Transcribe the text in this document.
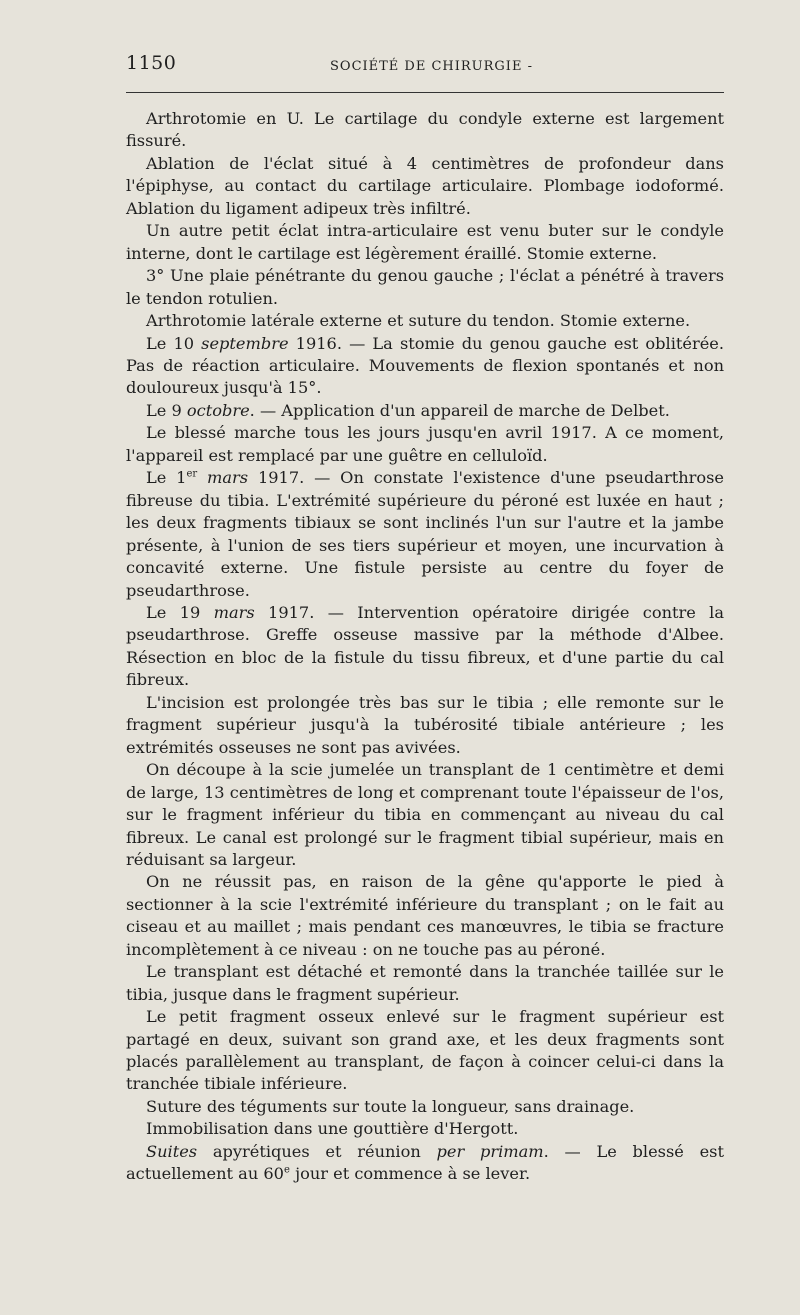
1150	SOCIÉTÉ DE CHIRURGIE -

Arthrotomie en U. Le cartilage du condyle externe est largement fissuré.

Ablation de l'éclat situé à 4 centimètres de profondeur dans l'épiphyse, au contact du cartilage articulaire. Plombage iodoformé. Ablation du ligament adipeux très infiltré.

Un autre petit éclat intra-articulaire est venu buter sur le condyle interne, dont le cartilage est légèrement éraillé. Stomie externe.

3° Une plaie pénétrante du genou gauche ; l'éclat a pénétré à travers le tendon rotulien.

Arthrotomie latérale externe et suture du tendon. Stomie externe.

Le 10 septembre 1916. — La stomie du genou gauche est oblitérée. Pas de réaction articulaire. Mouvements de flexion spontanés et non douloureux jusqu'à 15°.

Le 9 octobre. — Application d'un appareil de marche de Delbet.

Le blessé marche tous les jours jusqu'en avril 1917. A ce moment, l'appareil est remplacé par une guêtre en celluloïd.

Le 1er mars 1917. — On constate l'existence d'une pseudarthrose fibreuse du tibia. L'extrémité supérieure du péroné est luxée en haut ; les deux fragments tibiaux se sont inclinés l'un sur l'autre et la jambe présente, à l'union de ses tiers supérieur et moyen, une incurvation à concavité externe. Une fistule persiste au centre du foyer de pseudarthrose.

Le 19 mars 1917. — Intervention opératoire dirigée contre la pseudarthrose. Greffe osseuse massive par la méthode d'Albee. Résection en bloc de la fistule du tissu fibreux, et d'une partie du cal fibreux.

L'incision est prolongée très bas sur le tibia ; elle remonte sur le fragment supérieur jusqu'à la tubérosité tibiale antérieure ; les extrémités osseuses ne sont pas avivées.

On découpe à la scie jumelée un transplant de 1 centimètre et demi de large, 13 centimètres de long et comprenant toute l'épaisseur de l'os, sur le fragment inférieur du tibia en commençant au niveau du cal fibreux. Le canal est prolongé sur le fragment tibial supérieur, mais en réduisant sa largeur.

On ne réussit pas, en raison de la gêne qu'apporte le pied à sectionner à la scie l'extrémité inférieure du transplant ; on le fait au ciseau et au maillet ; mais pendant ces manœuvres, le tibia se fracture incomplètement à ce niveau : on ne touche pas au péroné.

Le transplant est détaché et remonté dans la tranchée taillée sur le tibia, jusque dans le fragment supérieur.

Le petit fragment osseux enlevé sur le fragment supérieur est partagé en deux, suivant son grand axe, et les deux fragments sont placés parallèlement au transplant, de façon à coincer celui-ci dans la tranchée tibiale inférieure.

Suture des téguments sur toute la longueur, sans drainage.

Immobilisation dans une gouttière d'Hergott.

Suites apyrétiques et réunion per primam. — Le blessé est actuellement au 60e jour et commence à se lever.
